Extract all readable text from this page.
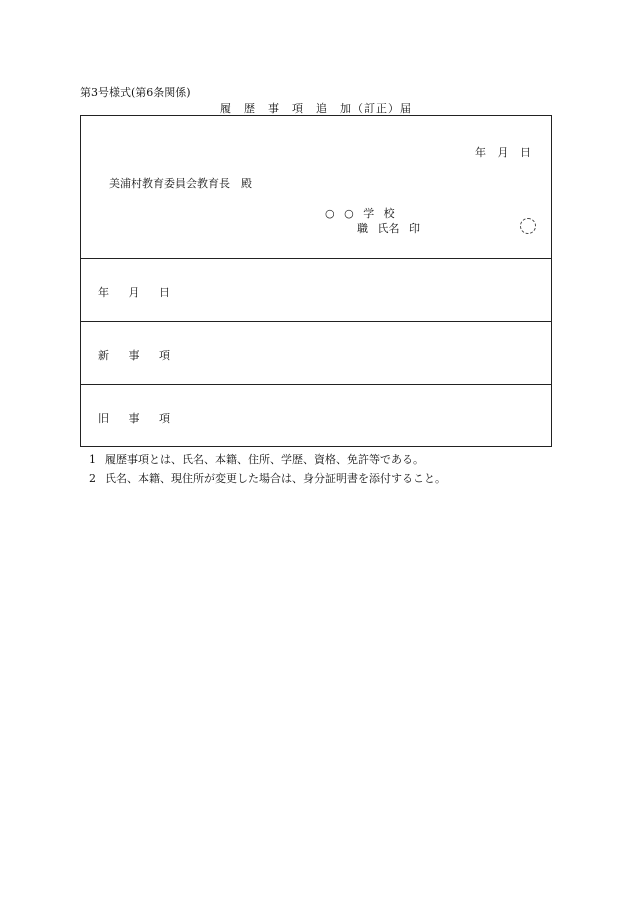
第3号様式(第6条関係)
履　歴　事　項　追　加（訂正）届
年 月 日
美浦村教育委員会教育長　殿
○ ○ 学 校
職 氏名 印
年 月 日
新 事 項
旧 事 項
1 履歴事項とは、氏名、本籍、住所、学歴、資格、免許等である。
2 氏名、本籍、現住所が変更した場合は、身分証明書を添付すること。
